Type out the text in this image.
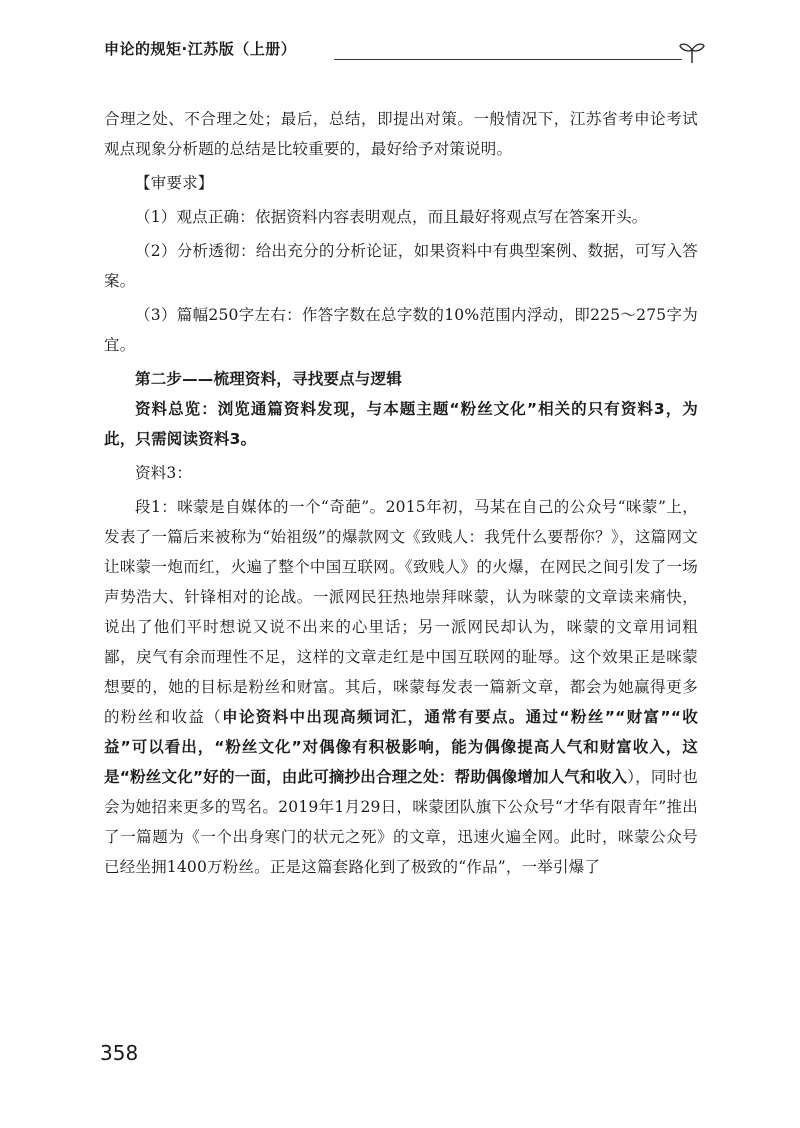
申论的规矩·江苏版（上册）

合理之处、不合理之处；最后，总结，即提出对策。一般情况下，江苏省考申论考试观点现象分析题的总结是比较重要的，最好给予对策说明。

【审要求】

（1）观点正确：依据资料内容表明观点，而且最好将观点写在答案开头。

（2）分析透彻：给出充分的分析论证，如果资料中有典型案例、数据，可写入答案。

（3）篇幅250字左右：作答字数在总字数的10%范围内浮动，即225～275字为宜。

第二步——梳理资料，寻找要点与逻辑

资料总览：浏览通篇资料发现，与本题主题“粉丝文化”相关的只有资料3，为此，只需阅读资料3。

资料3：

段1：咪蒙是自媒体的一个“奇葩”。2015年初，马某在自己的公众号“咪蒙”上，发表了一篇后来被称为“始祖级”的爆款网文《致贱人：我凭什么要帮你？》，这篇网文让咪蒙一炮而红，火遍了整个中国互联网。《致贱人》的火爆，在网民之间引发了一场声势浩大、针锋相对的论战。一派网民狂热地崇拜咪蒙，认为咪蒙的文章读来痛快，说出了他们平时想说又说不出来的心里话；另一派网民却认为，咪蒙的文章用词粗鄙，戾气有余而理性不足，这样的文章走红是中国互联网的耻辱。这个效果正是咪蒙想要的，她的目标是粉丝和财富。其后，咪蒙每发表一篇新文章，都会为她赢得更多的粉丝和收益（申论资料中出现高频词汇，通常有要点。通过“粉丝”“财富”“收益”可以看出，“粉丝文化”对偶像有积极影响，能为偶像提高人气和财富收入，这是“粉丝文化”好的一面，由此可摘抄出合理之处：帮助偶像增加人气和收入），同时也会为她招来更多的骂名。2019年1月29日，咪蒙团队旗下公众号“才华有限青年”推出了一篇题为《一个出身寒门的状元之死》的文章，迅速火遍全网。此时，咪蒙公众号已经坐拥1400万粉丝。正是这篇套路化到了极致的“作品”，一举引爆了

358
